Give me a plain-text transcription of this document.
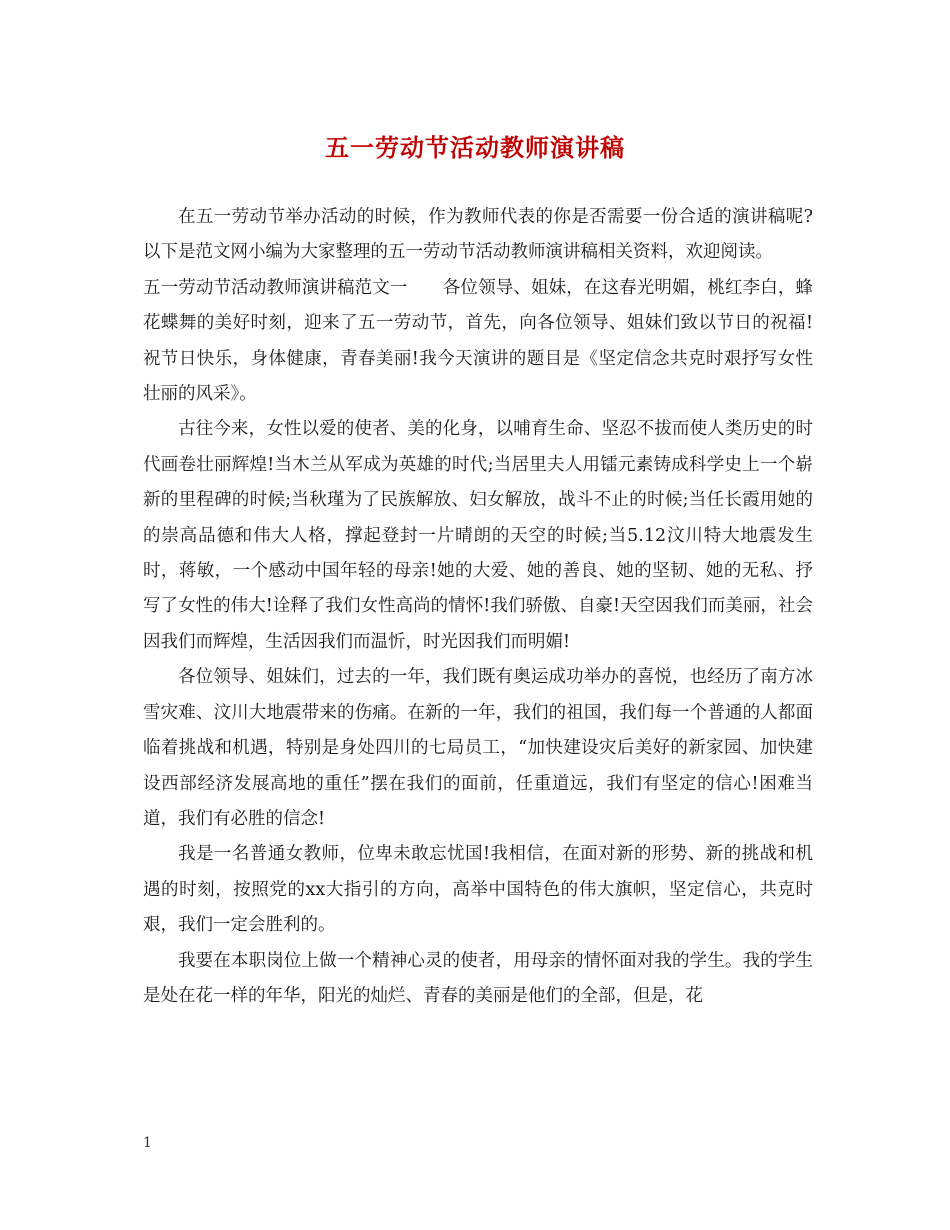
五一劳动节活动教师演讲稿

在五一劳动节举办活动的时候，作为教师代表的你是否需要一份合适的演讲稿呢?以下是范文网小编为大家整理的五一劳动节活动教师演讲稿相关资料，欢迎阅读。

五一劳动节活动教师演讲稿范文一　　各位领导、姐妹，在这春光明媚，桃红李白，蜂花蝶舞的美好时刻，迎来了五一劳动节，首先，向各位领导、姐妹们致以节日的祝福!祝节日快乐，身体健康，青春美丽!我今天演讲的题目是《坚定信念共克时艰抒写女性壮丽的风采》。

古往今来，女性以爱的使者、美的化身，以哺育生命、坚忍不拔而使人类历史的时代画卷壮丽辉煌!当木兰从军成为英雄的时代;当居里夫人用镭元素铸成科学史上一个崭新的里程碑的时候;当秋瑾为了民族解放、妇女解放，战斗不止的时候;当任长霞用她的的崇高品德和伟大人格，撑起登封一片晴朗的天空的时候;当5.12汶川特大地震发生时，蒋敏，一个感动中国年轻的母亲!她的大爱、她的善良、她的坚韧、她的无私、抒写了女性的伟大!诠释了我们女性高尚的情怀!我们骄傲、自豪!天空因我们而美丽，社会因我们而辉煌，生活因我们而温忻，时光因我们而明媚!

各位领导、姐妹们，过去的一年，我们既有奥运成功举办的喜悦，也经历了南方冰雪灾难、汶川大地震带来的伤痛。在新的一年，我们的祖国，我们每一个普通的人都面临着挑战和机遇，特别是身处四川的七局员工，“加快建设灾后美好的新家园、加快建设西部经济发展高地的重任”摆在我们的面前，任重道远，我们有坚定的信心!困难当道，我们有必胜的信念!

我是一名普通女教师，位卑未敢忘忧国!我相信，在面对新的形势、新的挑战和机遇的时刻，按照党的xx大指引的方向，高举中国特色的伟大旗帜，坚定信心，共克时艰，我们一定会胜利的。

我要在本职岗位上做一个精神心灵的使者，用母亲的情怀面对我的学生。我的学生是处在花一样的年华，阳光的灿烂、青春的美丽是他们的全部，但是，花

1
